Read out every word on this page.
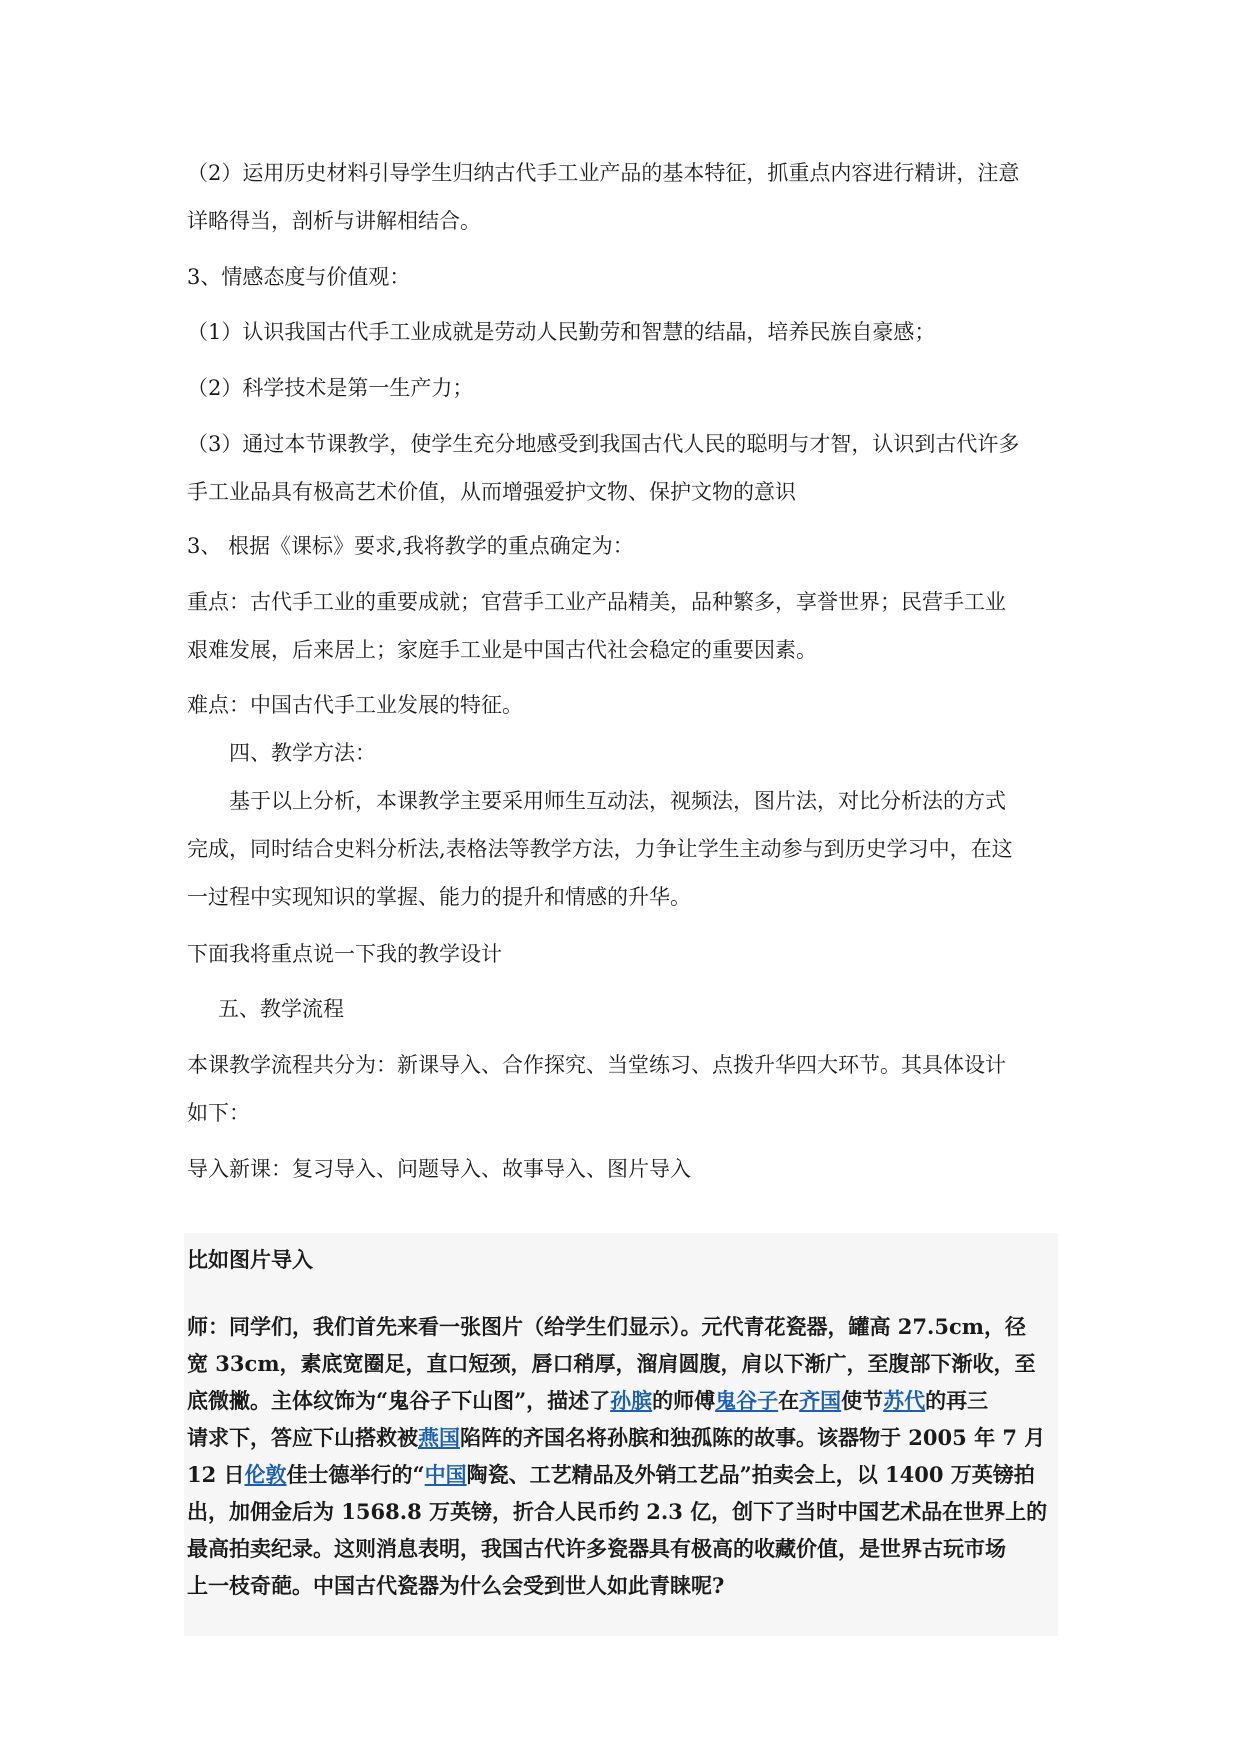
（2）运用历史材料引导学生归纳古代手工业产品的基本特征，抓重点内容进行精讲，注意
详略得当，剖析与讲解相结合。
3、情感态度与价值观：
（1）认识我国古代手工业成就是劳动人民勤劳和智慧的结晶，培养民族自豪感；
（2）科学技术是第一生产力；
（3）通过本节课教学，使学生充分地感受到我国古代人民的聪明与才智，认识到古代许多
手工业品具有极高艺术价值，从而增强爱护文物、保护文物的意识
3、 根据《课标》要求,我将教学的重点确定为：
重点：古代手工业的重要成就；官营手工业产品精美，品种繁多，享誉世界；民营手工业
艰难发展，后来居上；家庭手工业是中国古代社会稳定的重要因素。
难点：中国古代手工业发展的特征。
四、教学方法：
基于以上分析，本课教学主要采用师生互动法，视频法，图片法，对比分析法的方式
完成，同时结合史料分析法,表格法等教学方法，力争让学生主动参与到历史学习中，在这
一过程中实现知识的掌握、能力的提升和情感的升华。
下面我将重点说一下我的教学设计
五、教学流程
本课教学流程共分为：新课导入、合作探究、当堂练习、点拨升华四大环节。其具体设计
如下：
导入新课：复习导入、问题导入、故事导入、图片导入
比如图片导入
师：同学们，我们首先来看一张图片（给学生们显示）。元代青花瓷器，罐高 27.5cm，径
宽 33cm，素底宽圈足，直口短颈，唇口稍厚，溜肩圆腹，肩以下渐广，至腹部下渐收，至
底微撇。主体纹饰为“鬼谷子下山图”，描述了孙膑的师傅鬼谷子在齐国使节苏代的再三
请求下，答应下山搭救被燕国陷阵的齐国名将孙膑和独孤陈的故事。该器物于 2005 年 7 月
12 日伦敦佳士德举行的“中国陶瓷、工艺精品及外销工艺品”拍卖会上，以 1400 万英镑拍
出，加佣金后为 1568.8 万英镑，折合人民币约 2.3 亿，创下了当时中国艺术品在世界上的
最高拍卖纪录。这则消息表明，我国古代许多瓷器具有极高的收藏价值，是世界古玩市场
上一枝奇葩。中国古代瓷器为什么会受到世人如此青睐呢?
